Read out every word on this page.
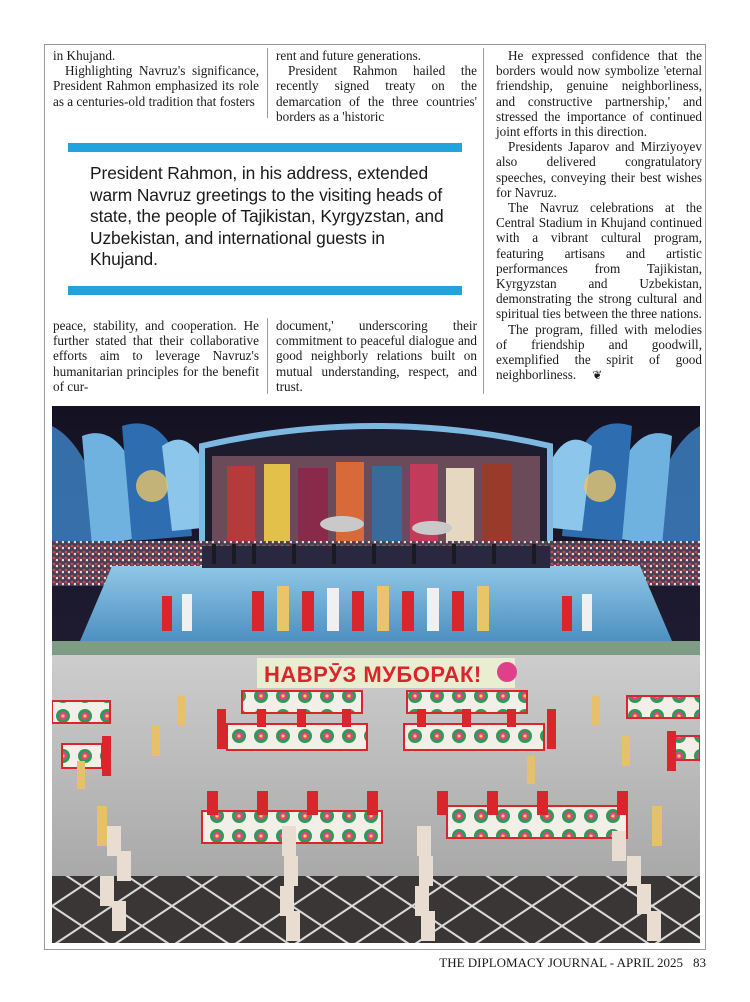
in Khujand.

Highlighting Navruz's significance, President Rahmon emphasized its role as a centuries-old tradition that fosters

rent and future generations.

President Rahmon hailed the recently signed treaty on the demarcation of the three countries' borders as a 'historic

President Rahmon, in his address, extended warm Navruz greetings to the visiting heads of state, the people of Tajikistan, Kyrgyzstan, and Uzbekistan, and international guests in Khujand.

peace, stability, and cooperation. He further stated that their collaborative efforts aim to leverage Navruz's humanitarian principles for the benefit of cur-

document,' underscoring their commitment to peaceful dialogue and good neighborly relations built on mutual understanding, respect, and trust.

He expressed confidence that the borders would now symbolize 'eternal friendship, genuine neighborliness, and constructive partnership,' and stressed the importance of continued joint efforts in this direction.

Presidents Japarov and Mirziyoyev also delivered congratulatory speeches, conveying their best wishes for Navruz.

The Navruz celebrations at the Central Stadium in Khujand continued with a vibrant cultural program, featuring artisans and artistic performances from Tajikistan, Kyrgyzstan and Uzbekistan, demonstrating the strong cultural and spiritual ties between the three nations.

The program, filled with melodies of friendship and goodwill, exemplified the spirit of good neighborliness. ❦

НАВРӮЗ МУБОРАК!
THE DIPLOMACY JOURNAL - APRIL 2025 83
